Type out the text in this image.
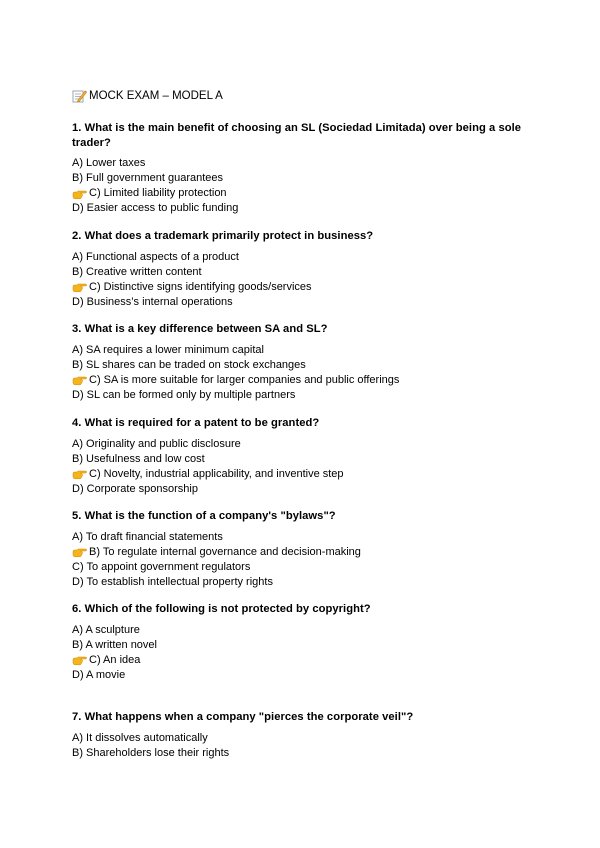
MOCK EXAM – MODEL A
1. What is the main benefit of choosing an SL (Sociedad Limitada) over being a sole trader?
A) Lower taxes
B) Full government guarantees
C) Limited liability protection
D) Easier access to public funding
2. What does a trademark primarily protect in business?
A) Functional aspects of a product
B) Creative written content
C) Distinctive signs identifying goods/services
D) Business’s internal operations
3. What is a key difference between SA and SL?
A) SA requires a lower minimum capital
B) SL shares can be traded on stock exchanges
C) SA is more suitable for larger companies and public offerings
D) SL can be formed only by multiple partners
4. What is required for a patent to be granted?
A) Originality and public disclosure
B) Usefulness and low cost
C) Novelty, industrial applicability, and inventive step
D) Corporate sponsorship
5. What is the function of a company's "bylaws"?
A) To draft financial statements
B) To regulate internal governance and decision-making
C) To appoint government regulators
D) To establish intellectual property rights
6. Which of the following is not protected by copyright?
A) A sculpture
B) A written novel
C) An idea
D) A movie
7. What happens when a company "pierces the corporate veil"?
A) It dissolves automatically
B) Shareholders lose their rights
